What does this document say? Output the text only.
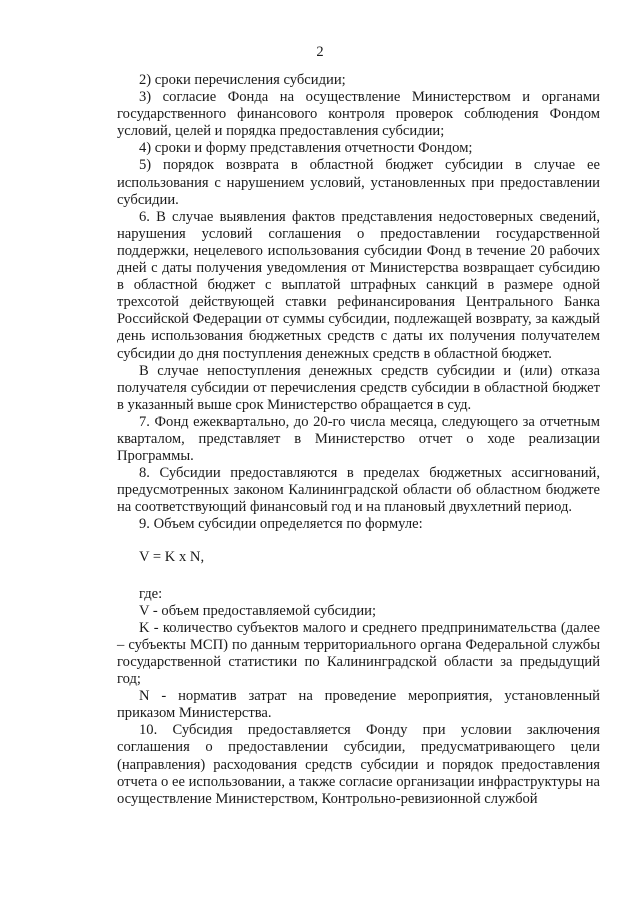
2

2) сроки перечисления субсидии;

3) согласие Фонда на осуществление Министерством и органами государственного финансового контроля проверок соблюдения Фондом условий, целей и порядка предоставления субсидии;

4) сроки и форму представления отчетности Фондом;

5) порядок возврата в областной бюджет субсидии в случае ее использования с нарушением условий, установленных при предоставлении субсидии.

6. В случае выявления фактов представления недостоверных сведений, нарушения условий соглашения о предоставлении государственной поддержки, нецелевого использования субсидии Фонд в течение 20 рабочих дней с даты получения уведомления от Министерства возвращает субсидию в областной бюджет с выплатой штрафных санкций в размере одной трехсотой действующей ставки рефинансирования Центрального Банка Российской Федерации от суммы субсидии, подлежащей возврату, за каждый день использования бюджетных средств с даты их получения получателем субсидии до дня поступления денежных средств в областной бюджет.

В случае непоступления денежных средств субсидии и (или) отказа получателя субсидии от перечисления средств субсидии в областной бюджет в указанный выше срок Министерство обращается в суд.

7. Фонд ежеквартально, до 20-го числа месяца, следующего за отчетным кварталом, представляет в Министерство отчет о ходе реализации Программы.

8. Субсидии предоставляются в пределах бюджетных ассигнований, предусмотренных законом Калининградской области об областном бюджете на соответствующий финансовый год и на плановый двухлетний период.

9. Объем субсидии определяется по формуле:

V = K x N,

где:

V - объем предоставляемой субсидии;

K - количество субъектов малого и среднего предпринимательства (далее – субъекты МСП) по данным территориального органа Федеральной службы государственной статистики по Калининградской области за предыдущий год;

N - норматив затрат на проведение мероприятия, установленный приказом Министерства.

10. Субсидия предоставляется Фонду при условии заключения соглашения о предоставлении субсидии, предусматривающего цели (направления) расходования средств субсидии и порядок предоставления отчета о ее использовании, а также согласие организации инфраструктуры на осуществление Министерством, Контрольно-ревизионной службой
